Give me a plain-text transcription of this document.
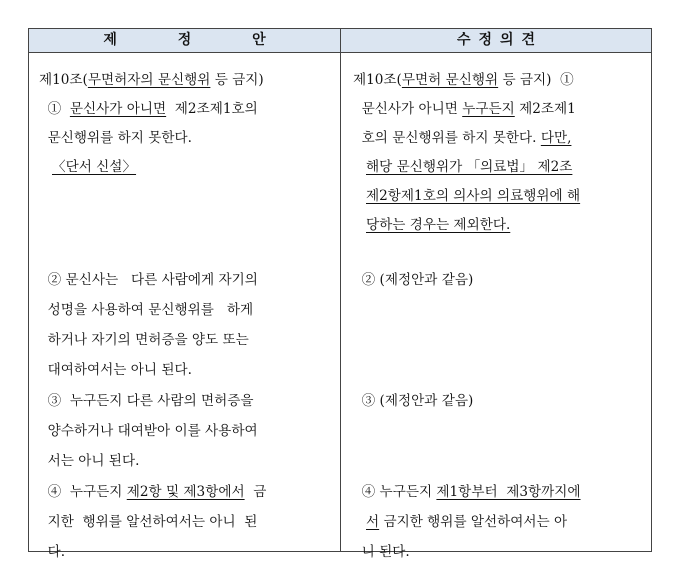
제 정 안	수정의견
제10조(무면허자의 문신행위 등 금지)
①  문신사가 아니면  제2조제1호의
문신행위를 하지 못한다.
〈단서 신설〉
② 문신사는   다른 사람에게 자기의
성명을 사용하여 문신행위를   하게
하거나 자기의 면허증을 양도 또는
대여하여서는 아니 된다.
③  누구든지 다른 사람의 면허증을
양수하거나 대여받아 이를 사용하여
서는 아니 된다.
④  누구든지 제2항 및 제3항에서  금
지한  행위를 알선하여서는 아니  된
다.
제10조(무면허 문신행위 등 금지)  ①
문신사가 아니면 누구든지 제2조제1
호의 문신행위를 하지 못한다. 다만,
해당 문신행위가 「의료법」 제2조
제2항제1호의 의사의 의료행위에 해
당하는 경우는 제외한다.
② (제정안과 같음)
③ (제정안과 같음)
④ 누구든지 제1항부터  제3항까지에
서 금지한 행위를 알선하여서는 아
니 된다.
